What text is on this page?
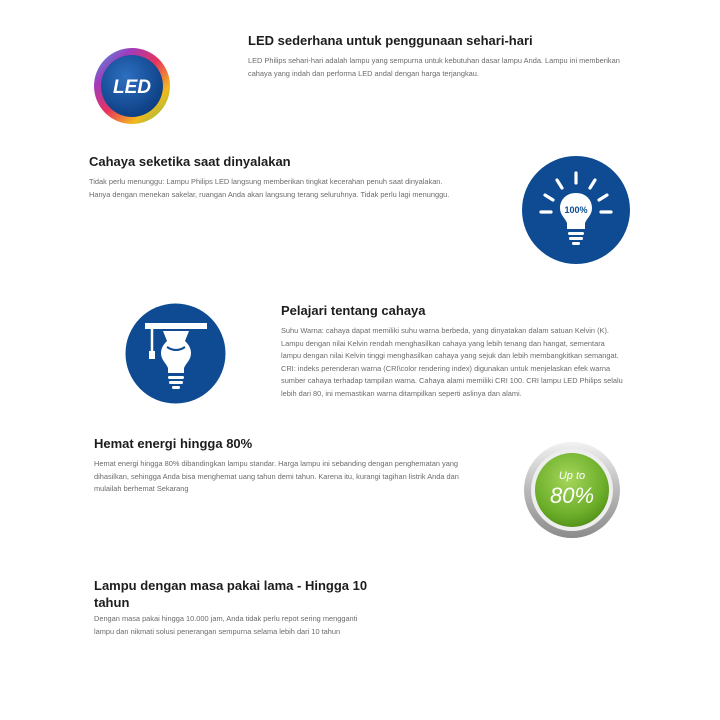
LED
LED sederhana untuk penggunaan sehari-hari

LED Philips sehari-hari adalah lampu yang sempurna untuk kebutuhan dasar lampu Anda. Lampu ini memberikan cahaya yang indah dan performa LED andal dengan harga terjangkau.

Cahaya seketika saat dinyalakan

Tidak perlu menunggu: Lampu Philips LED langsung memberikan tingkat kecerahan penuh saat dinyalakan. Hanya dengan menekan sakelar, ruangan Anda akan langsung terang seluruhnya. Tidak perlu lagi menunggu.

100%
Pelajari tentang cahaya

Suhu Warna: cahaya dapat memiliki suhu warna berbeda, yang dinyatakan dalam satuan Kelvin (K). Lampu dengan nilai Kelvin rendah menghasilkan cahaya yang lebih tenang dan hangat, sementara lampu dengan nilai Kelvin tinggi menghasilkan cahaya yang sejuk dan lebih membangkitkan semangat. CRI: indeks perenderan warna (CRI\color rendering index) digunakan untuk menjelaskan efek warna sumber cahaya terhadap tampilan warna. Cahaya alami memiliki CRI 100. CRI lampu LED Philips selalu lebih dari 80, ini memastikan warna ditampilkan seperti aslinya dan alami.

Hemat energi hingga 80%

Hemat energi hingga 80% dibandingkan lampu standar. Harga lampu ini sebanding dengan penghematan yang dihasilkan, sehingga Anda bisa menghemat uang tahun demi tahun. Karena itu, kurangi tagihan listrik Anda dan mulailah berhemat Sekarang

Up to
80%
Lampu dengan masa pakai lama - Hingga 10 tahun

Dengan masa pakai hingga 10.000 jam, Anda tidak perlu repot sering mengganti lampu dan nikmati solusi penerangan sempurna selama lebih dari 10 tahun
